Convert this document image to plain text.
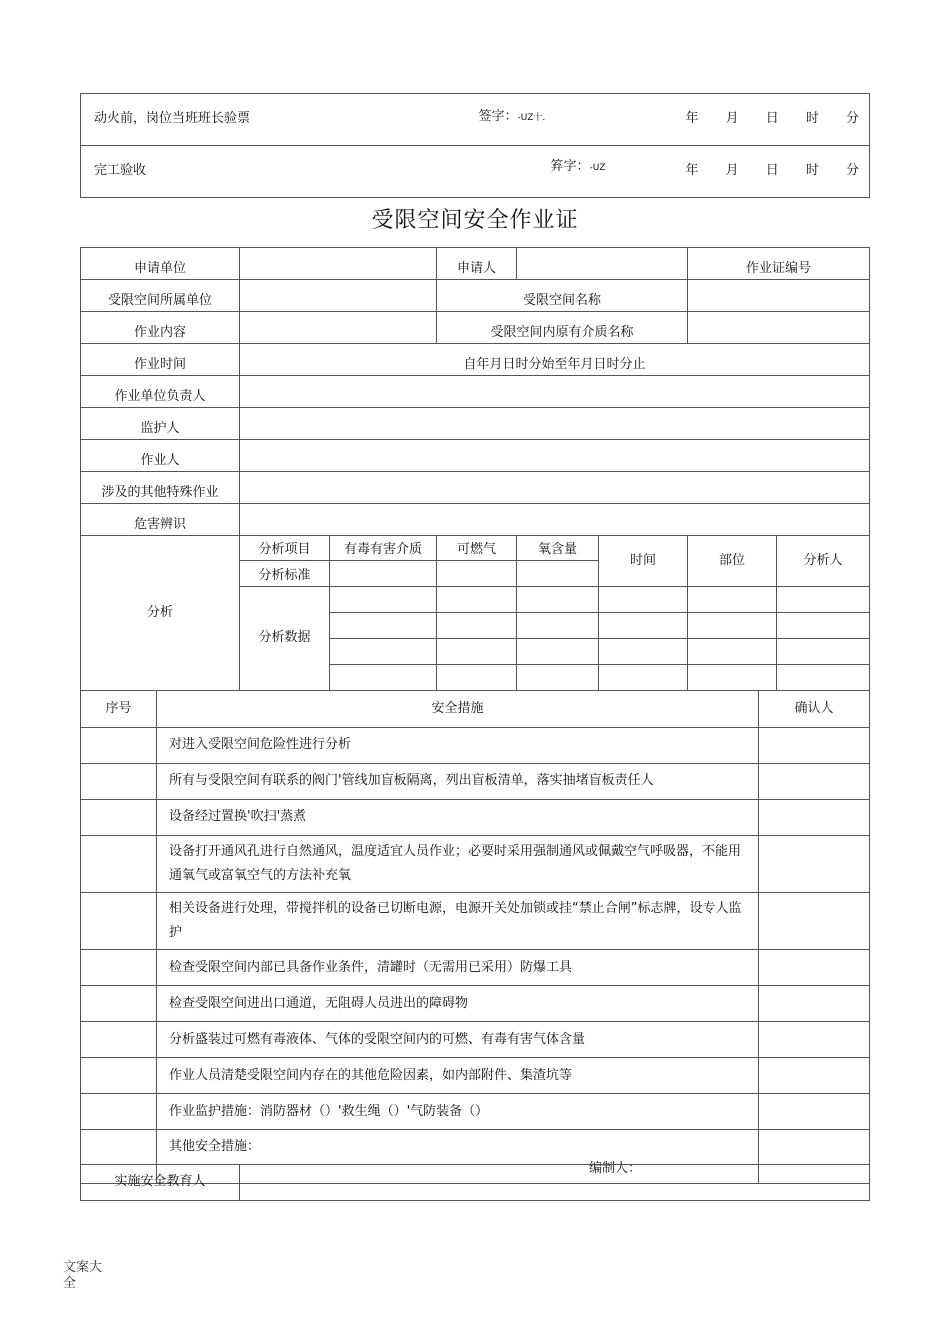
动火前，岗位当班班长验票	签字：-UZ十.	年 月 日 时 分

完工验收	笲字：-UZ	年 月 日 时 分
受限空间安全作业证
申请单位			申请人			作业证编号	
受限空间所属单位			受限空间名称				
作业内容			受限空间内原有介质名称				
作业时间	自年月日时分始至年月日时分止						
作业单位负责人							
监护人							
作业人							
涉及的其他特殊作业							
危害辨识							
分析	分析项目	有毒有害介质	可燃气	氧含量	时间	部位	分析人
	分析标准						
	分析数据						

序号	安全措施	确认人
	对进入受限空间危险性进行分析	
	所有与受限空间有联系的阀门'管线加盲板隔离，列出盲板清单，落实抽堵盲板责任人	
	设备经过置换'吹扫'蒸煮	
	设备打开通风孔进行自然通风，温度适宜人员作业；必要时采用强制通风或佩戴空气呼吸器，不能用通氧气或富氧空气的方法补充氧	
	相关设备进行处理，带搅拌机的设备已切断电源，电源开关处加锁或挂“禁止合闸”标志牌，设专人监护	
	检查受限空间内部已具备作业条件，清罐时（无需用已采用）防爆工具	
	检查受限空间进出口通道，无阻碍人员进出的障碍物	
	分析盛装过可燃有毒液体、气体的受限空间内的可燃、有毒有害气体含量	
	作业人员清楚受限空间内存在的其他危险因素，如内部附件、集渣坑等	
	作业监护措施：消防器材（）'救生绳（）'气防装备（）	
	其他安全措施：
编制人：	

实施安全教育人	
文案大全
